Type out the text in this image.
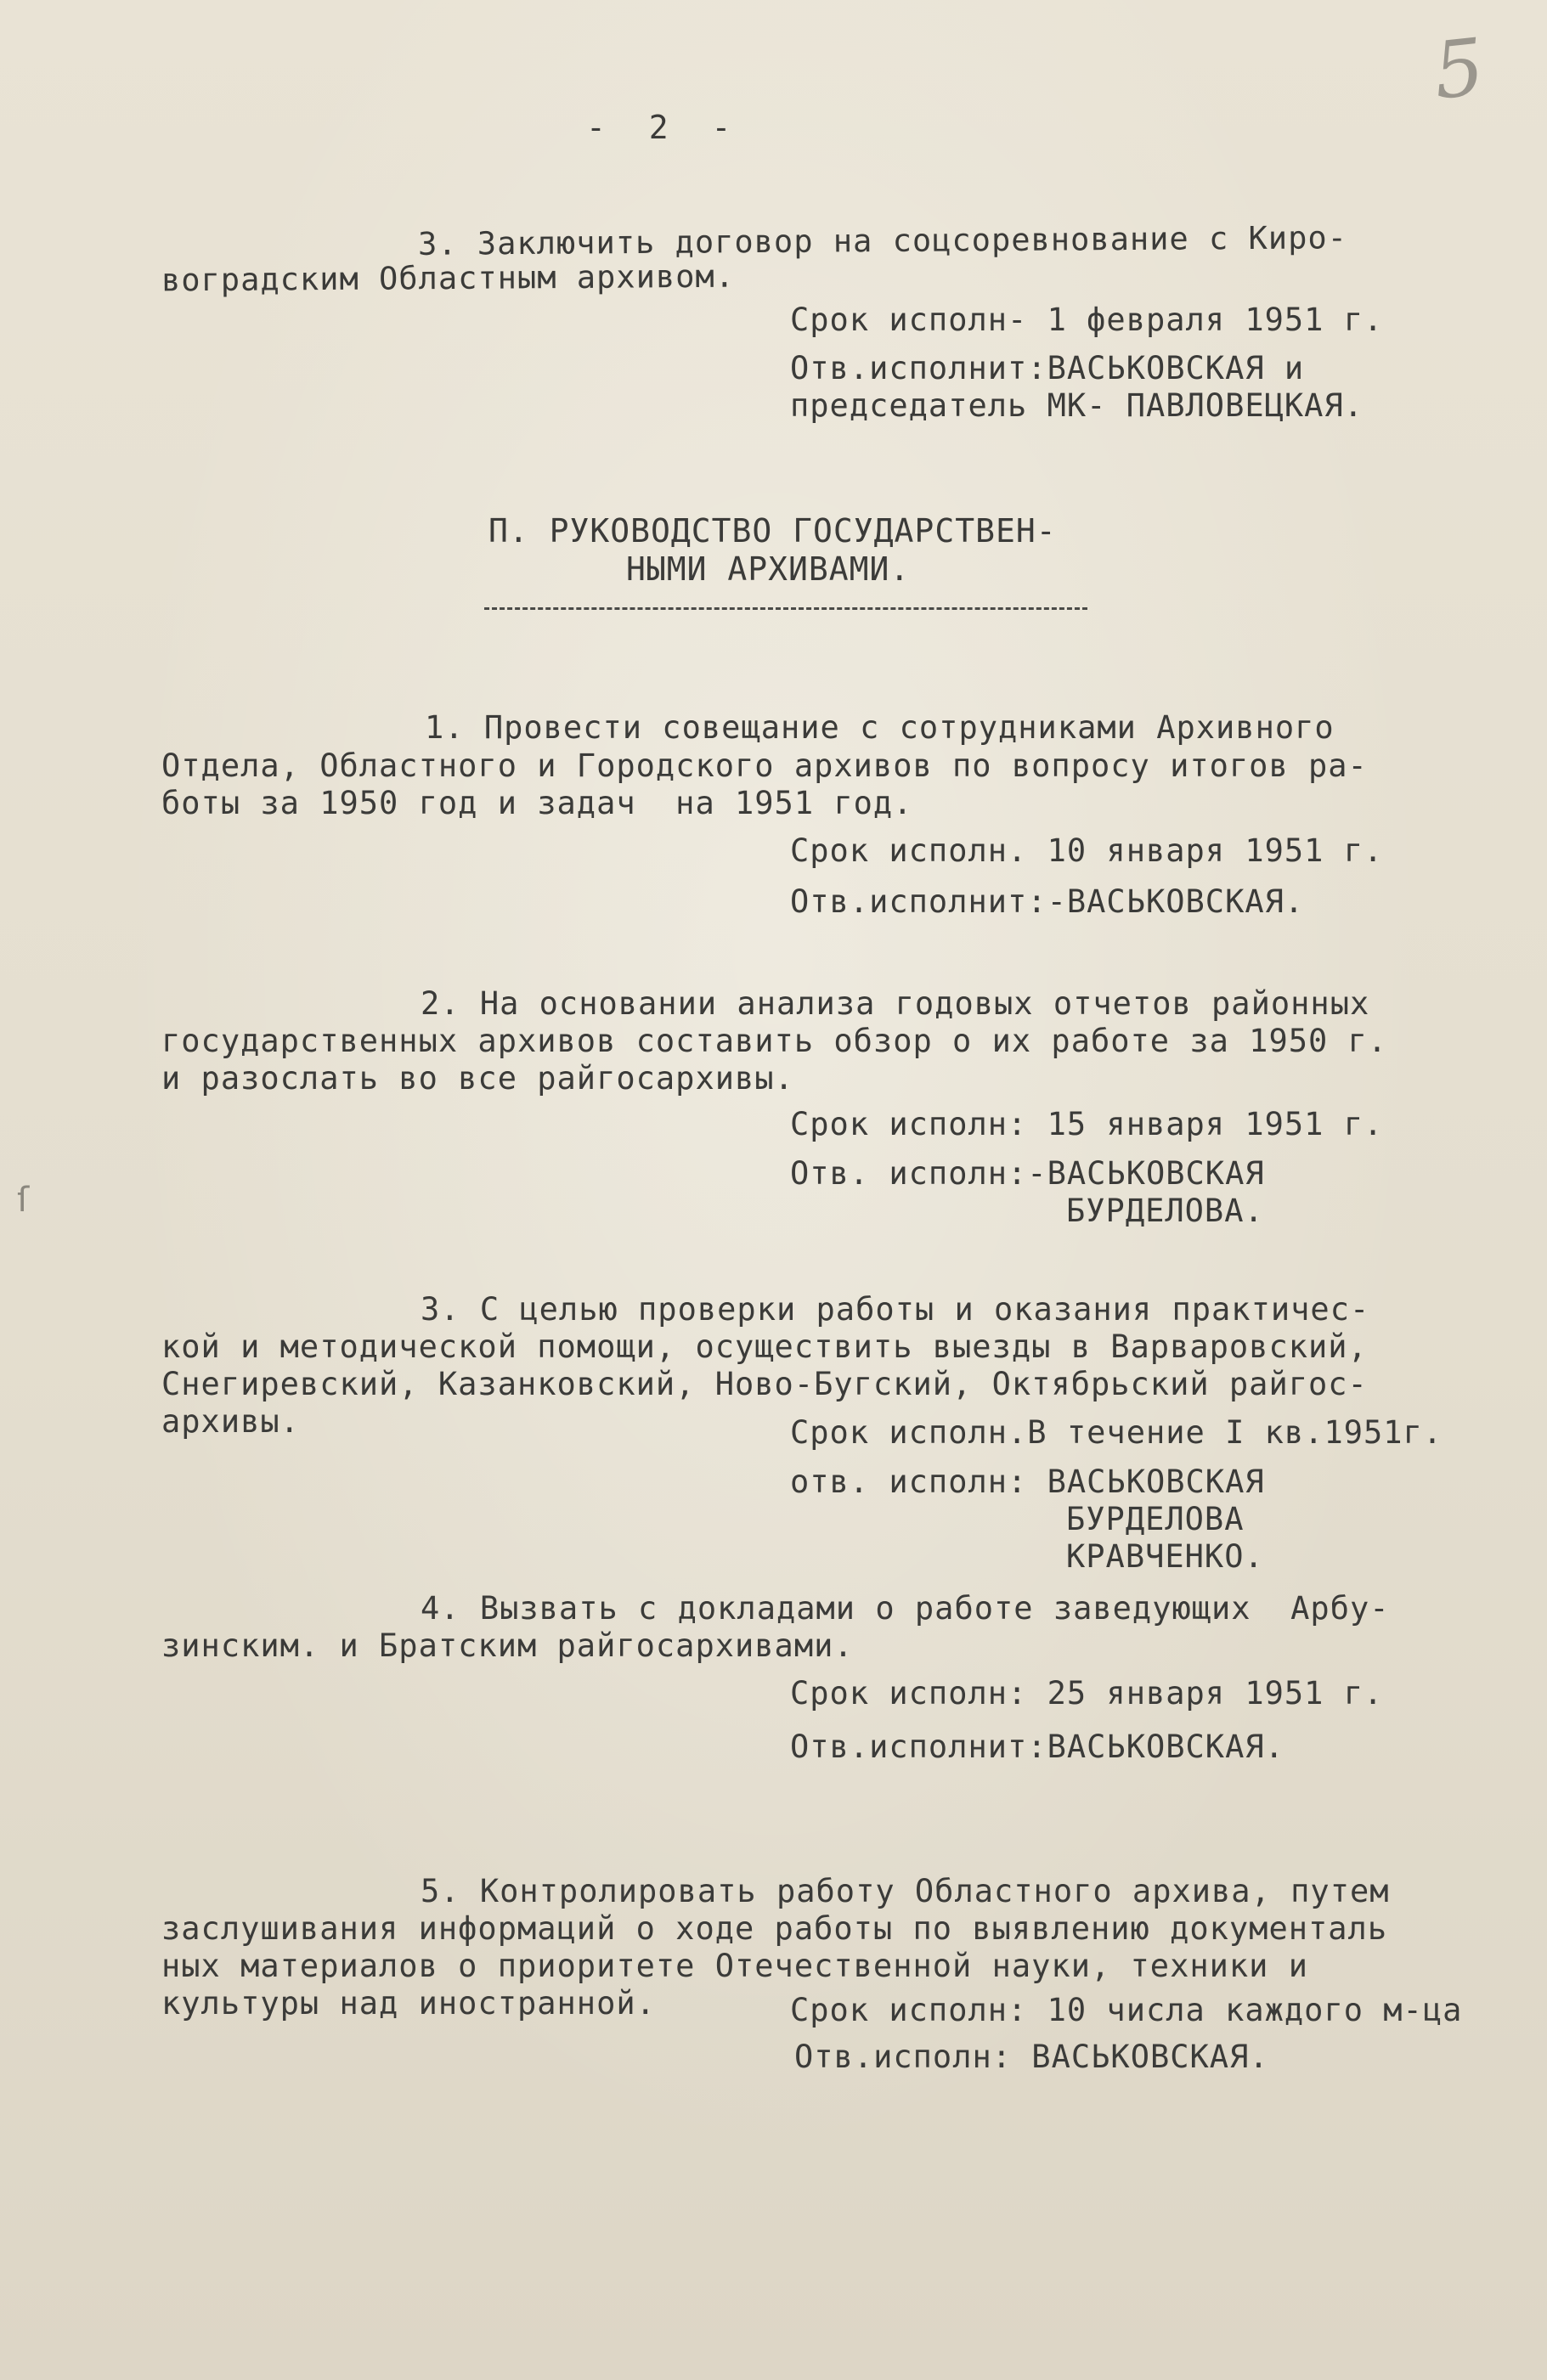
5
- 2 -
3. Заключить договор на соцсоревнование с Киро-
воградским Областным архивом.
Срок исполн- 1 февраля 1951 г.
Отв.исполнит:ВАСЬКОВСКАЯ и
председатель МК- ПАВЛОВЕЦКАЯ.
П. РУКОВОДСТВО ГОСУДАРСТВЕН-
НЫМИ АРХИВАМИ.
1. Провести совещание с сотрудниками Архивного
Отдела, Областного и Городского архивов по вопросу итогов ра-
боты за 1950 год и задач  на 1951 год.
Срок исполн. 10 января 1951 г.
Отв.исполнит:-ВАСЬКОВСКАЯ.
2. На основании анализа годовых отчетов районных
государственных архивов составить обзор о их работе за 1950 г.
и разослать во все райгосархивы.
Срок исполн: 15 января 1951 г.
Отв. исполн:-ВАСЬКОВСКАЯ
БУРДЕЛОВА.
ſ
3. С целью проверки работы и оказания практичес-
кой и методической помощи, осуществить выезды в Варваровский,
Снегиревский, Казанковский, Ново-Бугский, Октябрьский райгос-
архивы.	Срок исполн.В течение I кв.1951г.
отв. исполн: ВАСЬКОВСКАЯ
БУРДЕЛОВА
КРАВЧЕНКО.
4. Вызвать с докладами о работе заведующих  Арбу-
зинским. и Братским райгосархивами.
Срок исполн: 25 января 1951 г.
Отв.исполнит:ВАСЬКОВСКАЯ.
5. Контролировать работу Областного архива, путем
заслушивания информаций о ходе работы по выявлению документаль
ных материалов о приоритете Отечественной науки, техники и
культуры над иностранной.	Срок исполн: 10 числа каждого м-ца
Отв.исполн: ВАСЬКОВСКАЯ.
